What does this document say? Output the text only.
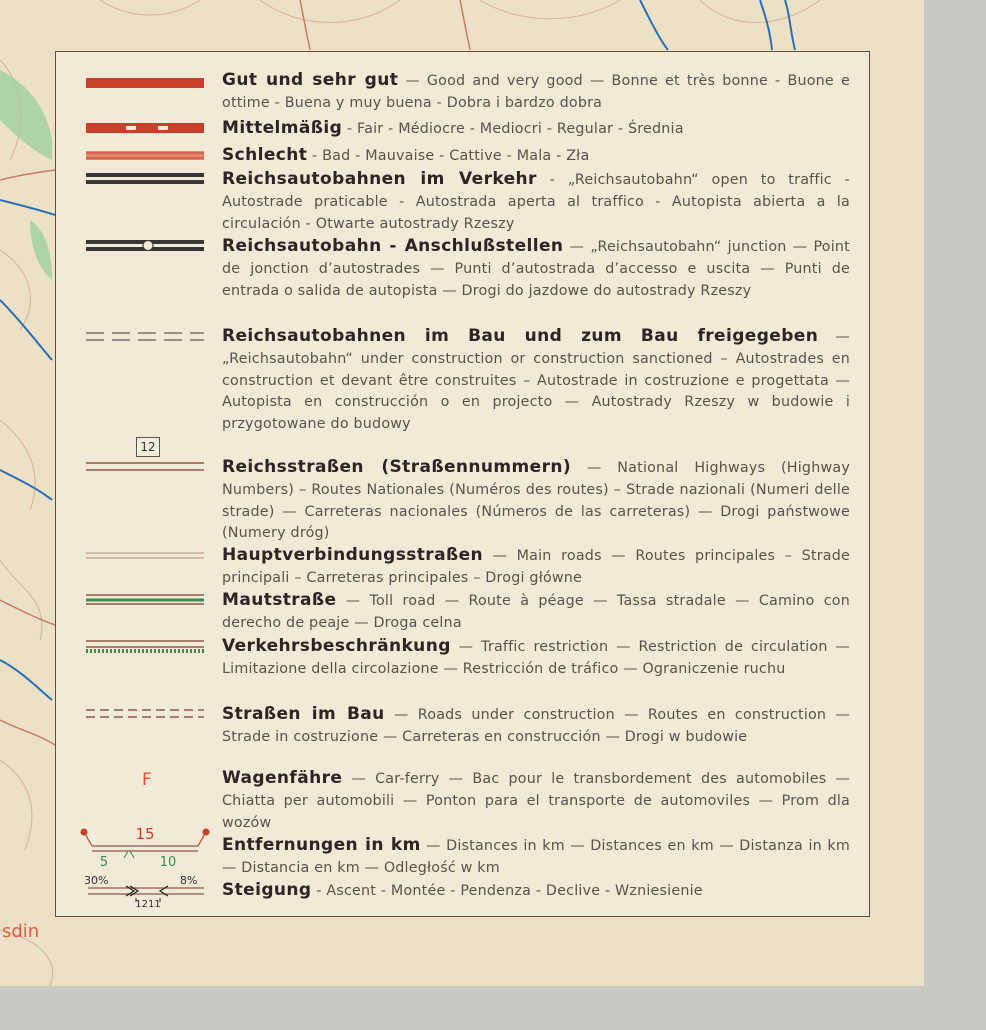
sdin
Gut und sehr gut — Good and very good — Bonne et très bonne - Buone e ottime - Buena y muy buena - Dobra i bardzo dobra
Mittelmäßig - Fair - Médiocre - Mediocri - Regular - Średnia
Schlecht - Bad - Mauvaise - Cattive - Mala - Zła
Reichsautobahnen im Verkehr - „Reichsautobahn“ open to traffic - Autostrade praticable - Autostrada aperta al traffico - Autopista abierta a la circulación - Otwarte autostrady Rzeszy
Reichsautobahn - Anschlußstellen — „Reichsautobahn“ junction — Point de jonction d’autostrades — Punti d’autostrada d’accesso e uscita — Punti de entrada o salida de autopista — Drogi do jazdowe do autostrady Rzeszy
Reichsautobahnen im Bau und zum Bau freigegeben — „Reichsautobahn“ under construction or construction sanctioned – Autostrades en construction et devant être construites – Autostrade in costruzione e progettata — Autopista en construcción o en projecto — Autostrady Rzeszy w budowie i przygotowane do budowy
12
Reichsstraßen (Straßennummern) — National Highways (Highway Numbers) – Routes Nationales (Numéros des routes) – Strade nazionali (Numeri delle strade) — Carreteras nacionales (Números de las carreteras) — Drogi państwowe (Numery dróg)
Hauptverbindungsstraßen — Main roads — Routes principales – Strade principali – Carreteras principales – Drogi główne
Mautstraße — Toll road — Route à péage — Tassa stradale — Camino con derecho de peaje — Droga celna
Verkehrsbeschränkung — Traffic restriction — Restriction de circulation — Limitazione della circolazione — Restricción de tráfico — Ograniczenie ruchu
Straßen im Bau — Roads under construction — Routes en construction — Strade in costruzione — Carreteras en construcción — Drogi w budowie
F	Wagenfähre — Car-ferry — Bac pour le transbordement des automobiles — Chiatta per automobili — Ponton para el transporte de automoviles — Prom dla wozów
15
5	10
Entfernungen in km — Distances in km — Distances en km — Distanza in km — Distancia en km — Odległość w km
30%	8%
1211
Steigung - Ascent - Montée - Pendenza - Declive - Wzniesienie
